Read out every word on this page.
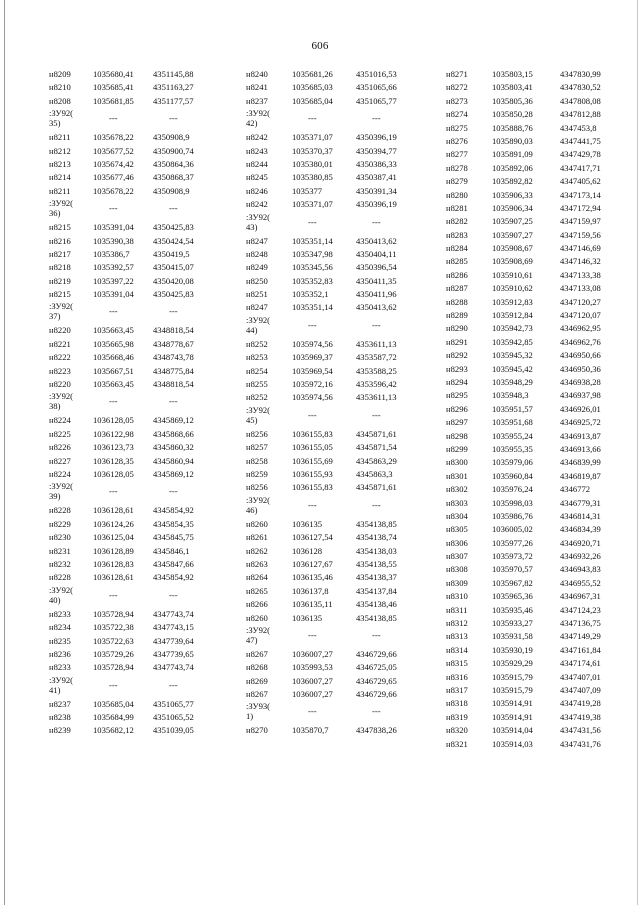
606
н8209	1035680,41 4351145,88
н8210	1035685,41 4351163,27
н8208	1035681,85 4351177,57
:ЗУ92( 35)	---	---
н8211	1035678,22 4350908,9
н8212	1035677,52 4350900,74
н8213	1035674,42 4350864,36
н8214	1035677,46 4350868,37
н8211	1035678,22 4350908,9
:ЗУ92( 36)	---	---
н8215	1035391,04 4350425,83
н8216	1035390,38 4350424,54
н8217	1035386,7	4350419,5
н8218	1035392,57 4350415,07
н8219	1035397,22 4350420,08
н8215	1035391,04 4350425,83
:ЗУ92( 37)	---	---
н8220	1035663,45 4348818,54
н8221	1035665,98 4348778,67
н8222	1035668,46 4348743,78
н8223	1035667,51 4348775,84
н8220	1035663,45 4348818,54
:ЗУ92( 38)	---	---
н8224	1036128,05 4345869,12
н8225	1036122,98 4345868,66
н8226	1036123,73 4345860,32
н8227	1036128,35 4345860,94
н8224	1036128,05 4345869,12
:ЗУ92( 39)	---	---
н8228	1036128,61 4345854,92
н8229	1036124,26 4345854,35
н8230	1036125,04 4345845,75
н8231	1036128,89 4345846,1
н8232	1036128,83 4345847,66
н8228	1036128,61 4345854,92
:ЗУ92( 40)	---	---
н8233	1035728,94 4347743,74
н8234	1035722,38 4347743,15
н8235	1035722,63 4347739,64
н8236	1035729,26 4347739,65
н8233	1035728,94 4347743,74
:ЗУ92( 41)	---	---
н8237	1035685,04 4351065,77
н8238	1035684,99 4351065,52
н8239	1035682,12 4351039,05
н8240	1035681,26	4351016,53
н8241	1035685,03	4351065,66
н8237	1035685,04	4351065,77
:ЗУ92( 42)	---	---
н8242	1035371,07	4350396,19
н8243	1035370,37	4350394,77
н8244	1035380,01	4350386,33
н8245	1035380,85	4350387,41
н8246	1035377	4350391,34
н8242	1035371,07	4350396,19
:ЗУ92( 43)	---	---
н8247	1035351,14	4350413,62
н8248	1035347,98	4350404,11
н8249	1035345,56	4350396,54
н8250	1035352,83	4350411,35
н8251	1035352,1	4350411,96
н8247	1035351,14	4350413,62
:ЗУ92( 44)	---	---
н8252	1035974,56	4353611,13
н8253	1035969,37	4353587,72
н8254	1035969,54	4353588,25
н8255	1035972,16	4353596,42
н8252	1035974,56	4353611,13
:ЗУ92( 45)	---	---
н8256	1036155,83	4345871,61
н8257	1036155,05	4345871,54
н8258	1036155,69	4345863,29
н8259	1036155,93	4345863,3
н8256	1036155,83	4345871,61
:ЗУ92( 46)	---	---
н8260	1036135	4354138,85
н8261	1036127,54	4354138,74
н8262	1036128	4354138,03
н8263	1036127,67	4354138,55
н8264	1036135,46	4354138,37
н8265	1036137,8	4354137,84
н8266	1036135,11	4354138,46
н8260	1036135	4354138,85
:ЗУ92( 47)	---	---
н8267	1036007,27	4346729,66
н8268	1035993,53	4346725,05
н8269	1036007,27	4346729,65
н8267	1036007,27	4346729,66
:ЗУ93( 1)	---	---
н8270	1035870,7	4347838,26
н8271	1035803,15	4347830,99
н8272	1035803,41	4347830,52
н8273	1035805,36	4347808,08
н8274	1035850,28	4347812,88
н8275	1035888,76	4347453,8
н8276	1035890,03	4347441,75
н8277	1035891,09	4347429,78
н8278	1035892,06	4347417,71
н8279	1035892,82	4347405,62
н8280	1035906,33	4347173,14
н8281	1035906,34	4347172,94
н8282	1035907,25	4347159,97
н8283	1035907,27	4347159,56
н8284	1035908,67	4347146,69
н8285	1035908,69	4347146,32
н8286	1035910,61	4347133,38
н8287	1035910,62	4347133,08
н8288	1035912,83	4347120,27
н8289	1035912,84	4347120,07
н8290	1035942,73	4346962,95
н8291	1035942,85	4346962,76
н8292	1035945,32	4346950,66
н8293	1035945,42	4346950,36
н8294	1035948,29	4346938,28
н8295	1035948,3	4346937,98
н8296	1035951,57	4346926,01
н8297	1035951,68	4346925,72
н8298	1035955,24	4346913,87
н8299	1035955,35	4346913,66
н8300	1035979,06	4346839,99
н8301	1035960,84	4346819,87
н8302	1035976,24	4346772
н8303	1035998,03	4346779,31
н8304	1035986,76	4346814,31
н8305	1036005,02	4346834,39
н8306	1035977,26	4346920,71
н8307	1035973,72	4346932,26
н8308	1035970,57	4346943,83
н8309	1035967,82	4346955,52
н8310	1035965,36	4346967,31
н8311	1035935,46	4347124,23
н8312	1035933,27	4347136,75
н8313	1035931,58	4347149,29
н8314	1035930,19	4347161,84
н8315	1035929,29	4347174,61
н8316	1035915,79	4347407,01
н8317	1035915,79	4347407,09
н8318	1035914,91	4347419,28
н8319	1035914,91	4347419,38
н8320	1035914,04	4347431,56
н8321	1035914,03	4347431,76
